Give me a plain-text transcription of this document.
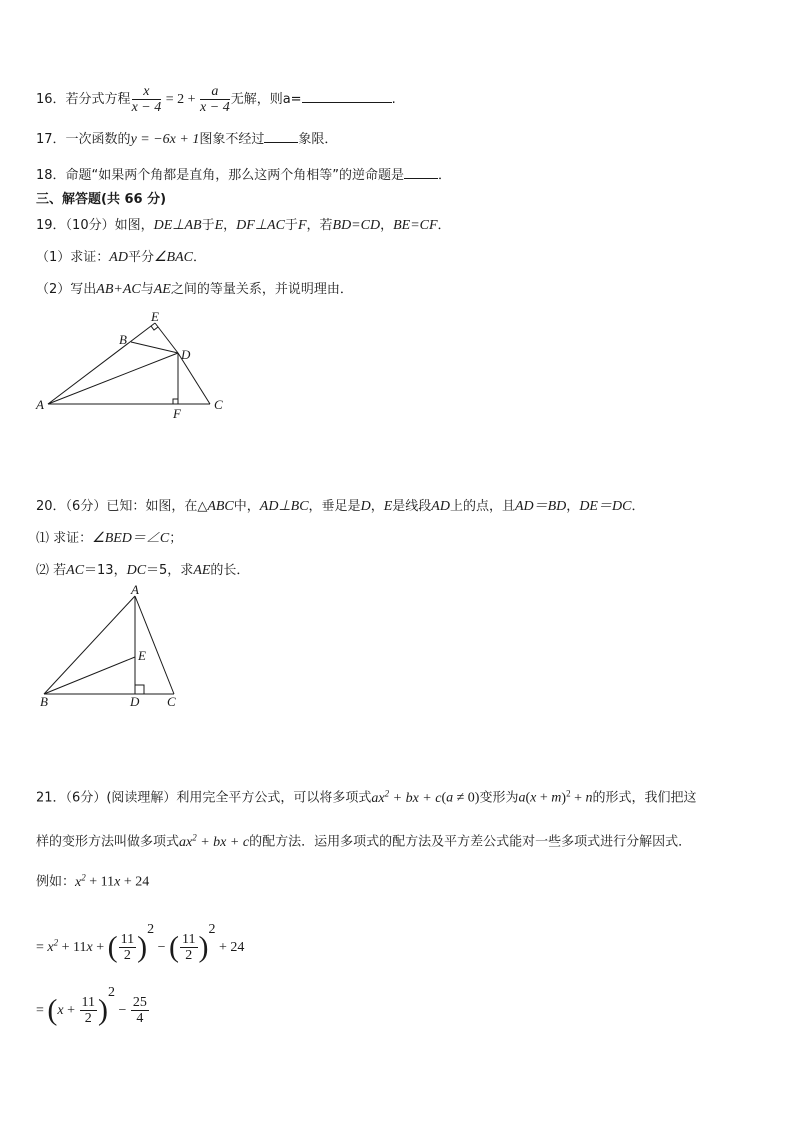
16．若分式方程 $\frac{x}{x - 4} = 2 + \frac{a}{x - 4}$ 无解，则a=	.
17．一次函数的y = −6x + 1图象不经过	象限．
18．命题“如果两个角都是直角，那么这两个角相等”的逆命题是	．
三、解答题(共 66 分)
19．（10分）如图，DE⊥AB于E，DF⊥AC于F，若BD=CD，BE=CF．
（1）求证：AD平分∠BAC．
（2）写出AB+AC与AE之间的等量关系，并说明理由．
E
B
D
A
F
C
20．（6分）已知：如图，在△ABC中，AD⊥BC，垂足是D，E是线段AD上的点，且AD＝BD，DE＝DC．
⑴ 求证：∠BED＝∠C；
⑵ 若AC＝13，DC＝5，求AE的长．
A
E
B	D C
21．（6分）(阅读理解）利用完全平方公式，可以将多项式$ax^2$ + bx + c(a ≠ 0)变形为$a(x + m)^2 + n$的形式，我们把这
样的变形方法叫做多项式$ax^2$ + bx + c的配方法．运用多项式的配方法及平方差公式能对一些多项式进行分解因式．
例如：$x^2 + 11x + 24$
= $x^2 + 11x$ + ( $\frac{11}{2} )^2$ − ( $\frac{11}{2} )^2 + 24$
= $(x + \frac{11}{2} )^2 - \frac{25}{4}$
